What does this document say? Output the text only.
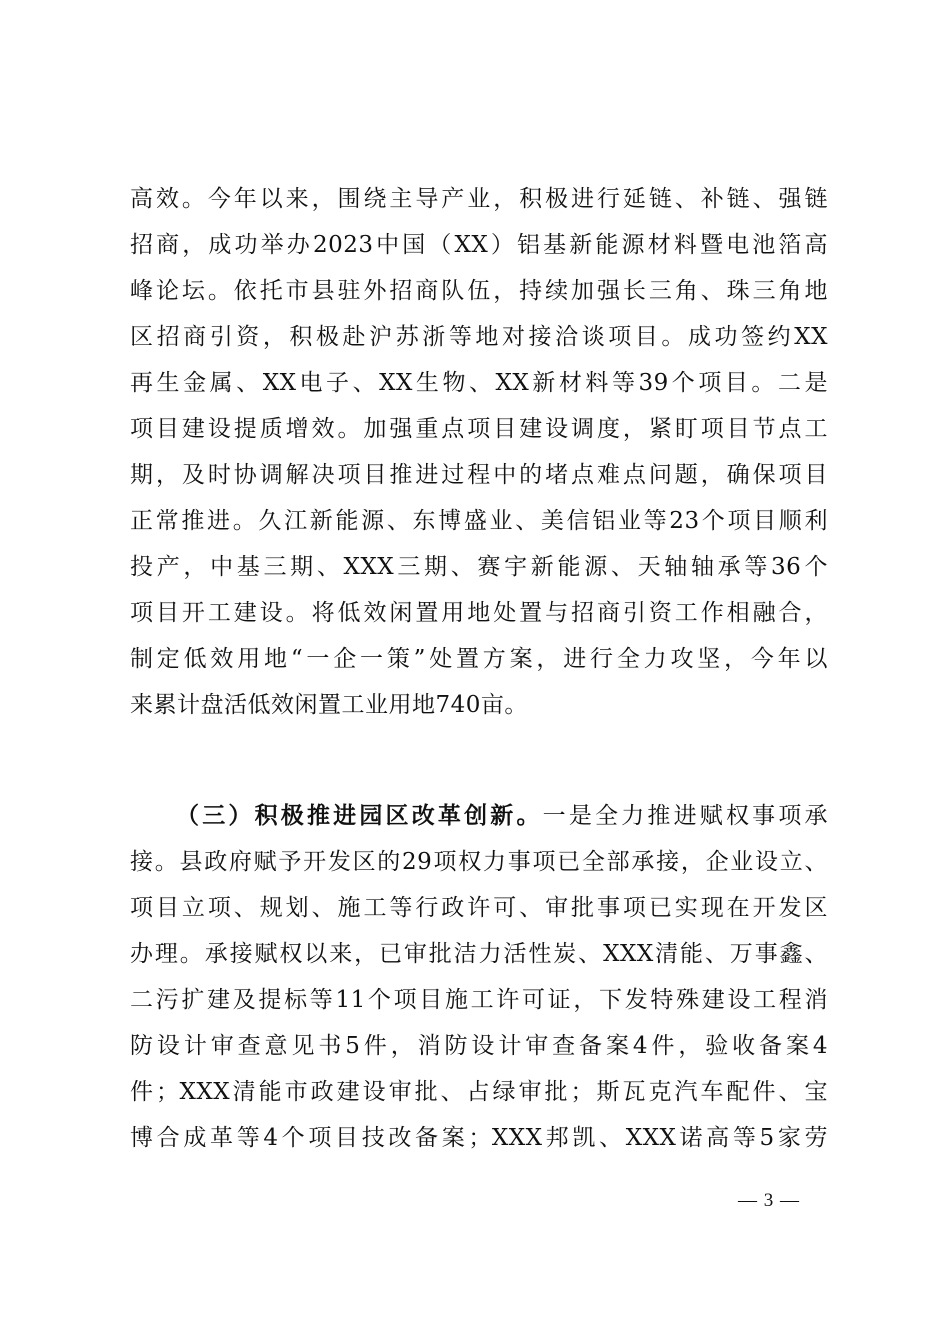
高效。今年以来，围绕主导产业，积极进行延链、补链、强链
招商，成功举办2023中国（XX）铝基新能源材料暨电池箔高
峰论坛。依托市县驻外招商队伍，持续加强长三角、珠三角地
区招商引资，积极赴沪苏浙等地对接洽谈项目。成功签约XX
再生金属、XX电子、XX生物、XX新材料等39个项目。二是
项目建设提质增效。加强重点项目建设调度，紧盯项目节点工
期，及时协调解决项目推进过程中的堵点难点问题，确保项目
正常推进。久江新能源、东博盛业、美信铝业等23个项目顺利
投产，中基三期、XXX三期、赛宇新能源、天轴轴承等36个
项目开工建设。将低效闲置用地处置与招商引资工作相融合，
制定低效用地“一企一策”处置方案，进行全力攻坚，今年以
来累计盘活低效闲置工业用地740亩。
（三）积极推进园区改革创新。一是全力推进赋权事项承
接。县政府赋予开发区的29项权力事项已全部承接，企业设立、
项目立项、规划、施工等行政许可、审批事项已实现在开发区
办理。承接赋权以来，已审批洁力活性炭、XXX清能、万事鑫、
二污扩建及提标等11个项目施工许可证，下发特殊建设工程消
防设计审查意见书5件，消防设计审查备案4件，验收备案4
件；XXX清能市政建设审批、占绿审批；斯瓦克汽车配件、宝
博合成革等4个项目技改备案；XXX邦凯、XXX诺高等5家劳
— 3 —
